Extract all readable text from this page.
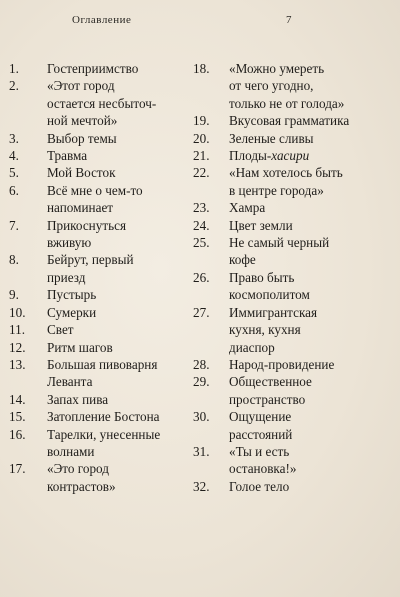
Оглавление	7
1.	Гостеприимство
2.	«Этот город
остается несбыточ-
ной мечтой»
3.	Выбор темы
4.	Травма
5.	Мой Восток
6.	Всё мне о чем-то
напоминает
7.	Прикоснуться
вживую
8.	Бейрут, первый
приезд
9.	Пустырь
10.	Сумерки
11.	Свет
12.	Ритм шагов
13.	Большая пивоварня
Леванта
14.	Запах пива
15.	Затопление Бостона
16.	Тарелки, унесенные
волнами
17.	«Это город
контрастов»
18.	«Можно умереть
от чего угодно,
только не от голода»
19.	Вкусовая грамматика
20.	Зеленые сливы
21.	Плоды-хасири
22.	«Нам хотелось быть
в центре города»
23.	Хамра
24.	Цвет земли
25.	Не самый черный
кофе
26.	Право быть
космополитом
27.	Иммигрантская
кухня, кухня
диаспор
28.	Народ-провидение
29.	Общественное
пространство
30.	Ощущение
расстояний
31.	«Ты и есть
остановка!»
32.	Голое тело
